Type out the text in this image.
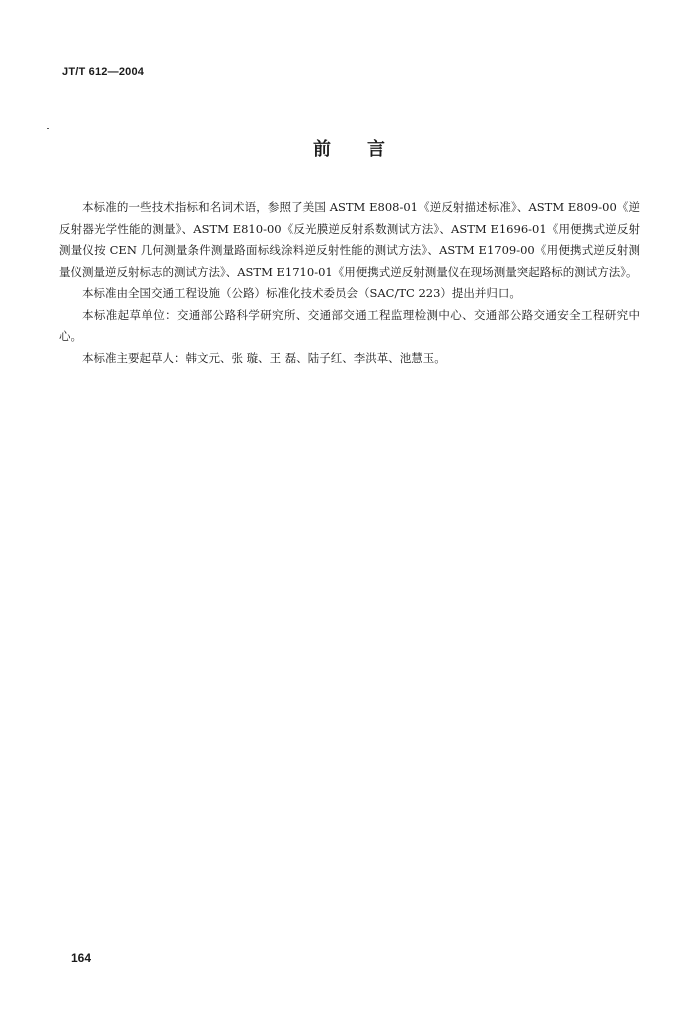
JT/T 612—2004
前 言

本标准的一些技术指标和名词术语，参照了美国 ASTM E808-01《逆反射描述标准》、ASTM E809-00《逆反射器光学性能的测量》、ASTM E810-00《反光膜逆反射系数测试方法》、ASTM E1696-01《用便携式逆反射测量仪按 CEN 几何测量条件测量路面标线涂料逆反射性能的测试方法》、ASTM E1709-00《用便携式逆反射测量仪测量逆反射标志的测试方法》、ASTM E1710-01《用便携式逆反射测量仪在现场测量突起路标的测试方法》。

本标准由全国交通工程设施（公路）标准化技术委员会（SAC/TC 223）提出并归口。

本标准起草单位：交通部公路科学研究所、交通部交通工程监理检测中心、交通部公路交通安全工程研究中心。

本标准主要起草人：韩文元、张 璇、王 磊、陆子红、李洪革、池慧玉。

164
